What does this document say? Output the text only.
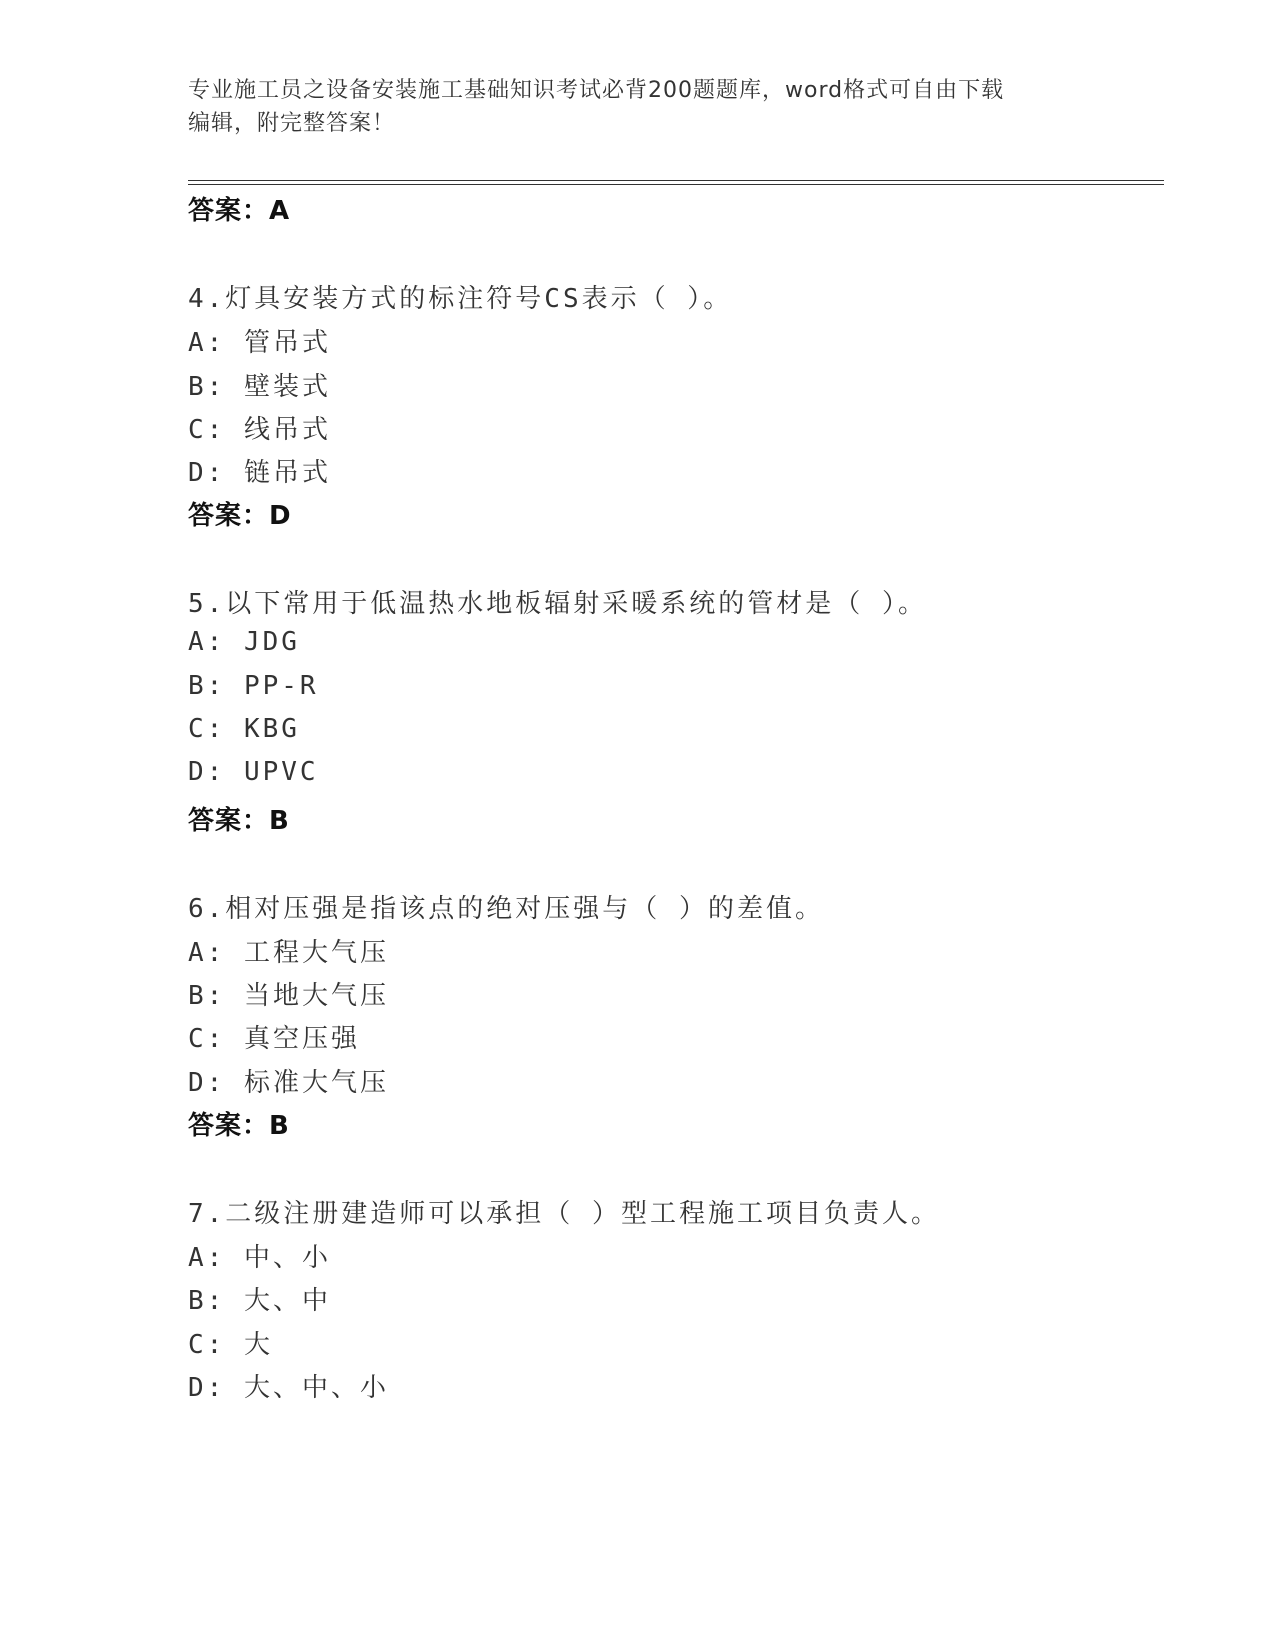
专业施工员之设备安装施工基础知识考试必背200题题库，word格式可自由下载
编辑，附完整答案！
答案：A
4.灯具安装方式的标注符号CS表示（ ）。
A: 管吊式
B: 壁装式
C: 线吊式
D: 链吊式
答案：D
5.以下常用于低温热水地板辐射采暖系统的管材是（ ）。
A: JDG
B: PP-R
C: KBG
D: UPVC
答案：B
6.相对压强是指该点的绝对压强与（ ）的差值。
A: 工程大气压
B: 当地大气压
C: 真空压强
D: 标准大气压
答案：B
7.二级注册建造师可以承担（ ）型工程施工项目负责人。
A: 中、小
B: 大、中
C: 大
D: 大、中、小
